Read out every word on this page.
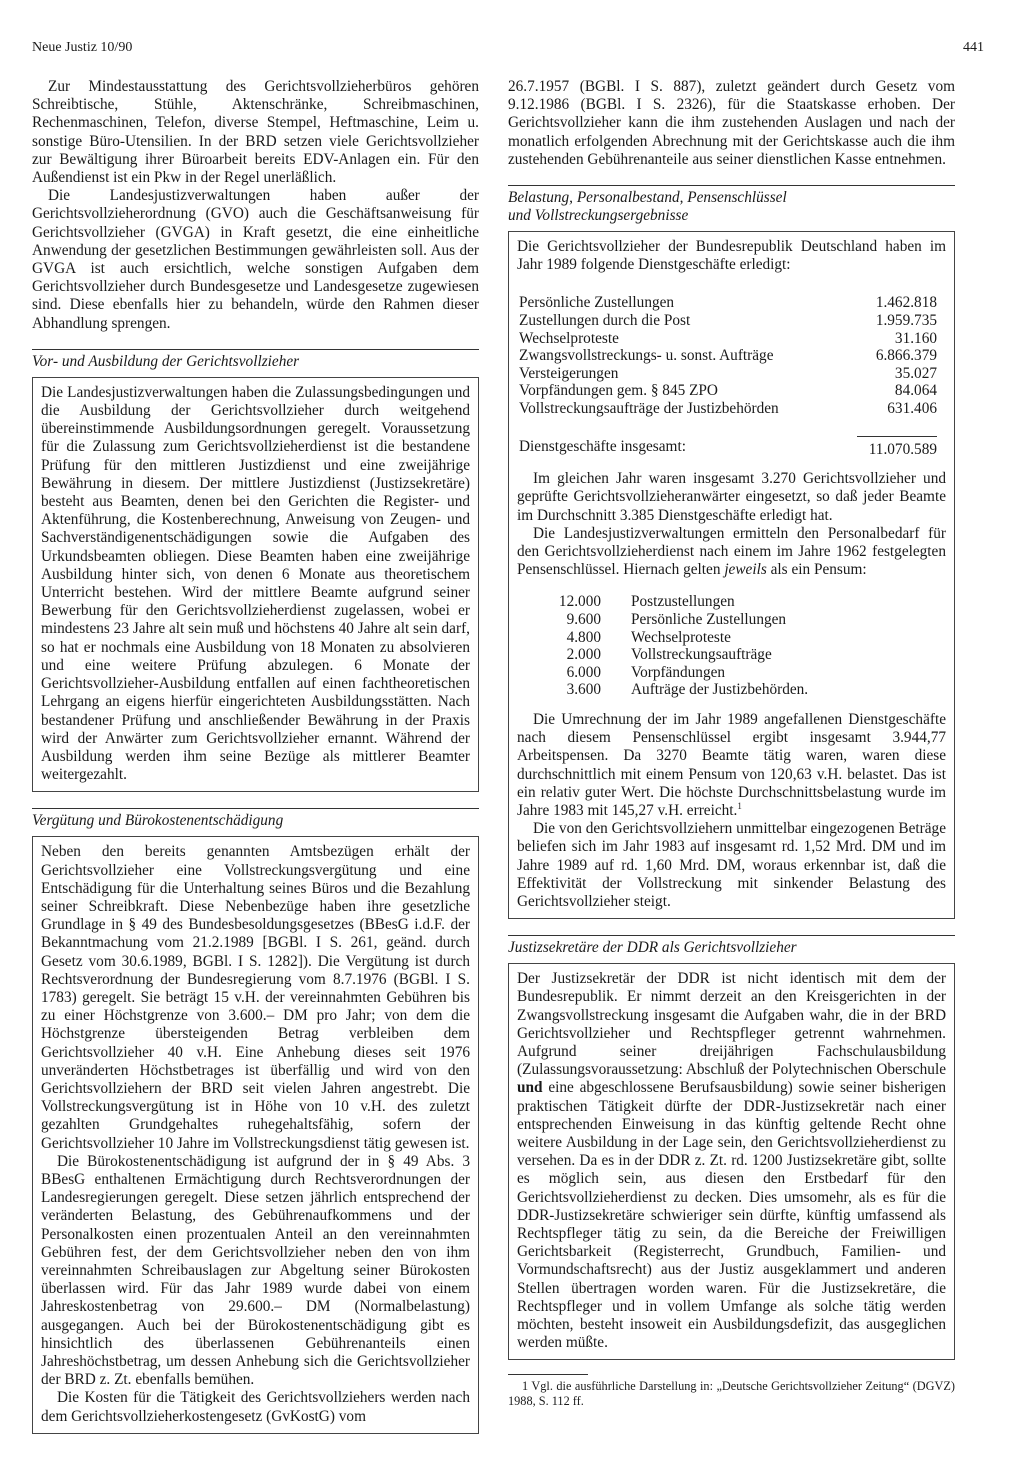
Neue Justiz 10/90	441

Zur Mindestausstattung des Gerichtsvollzieherbüros gehören Schreibtische, Stühle, Aktenschränke, Schreibmaschinen, Rechenmaschinen, Telefon, diverse Stempel, Heftmaschine, Leim u. sonstige Büro-Utensilien. In der BRD setzen viele Gerichtsvollzieher zur Bewältigung ihrer Büroarbeit bereits EDV-Anlagen ein. Für den Außendienst ist ein Pkw in der Regel unerläßlich.

Die Landesjustizverwaltungen haben außer der Gerichtsvollzieherordnung (GVO) auch die Geschäftsanweisung für Gerichtsvollzieher (GVGA) in Kraft gesetzt, die eine einheitliche Anwendung der gesetzlichen Bestimmungen gewährleisten soll. Aus der GVGA ist auch ersichtlich, welche sonstigen Aufgaben dem Gerichtsvollzieher durch Bundesgesetze und Landesgesetze zugewiesen sind. Diese ebenfalls hier zu behandeln, würde den Rahmen dieser Abhandlung sprengen.

Vor- und Ausbildung der Gerichtsvollzieher

Die Landesjustizverwaltungen haben die Zulassungsbedingungen und die Ausbildung der Gerichtsvollzieher durch weitgehend übereinstimmende Ausbildungsordnungen geregelt. Voraussetzung für die Zulassung zum Gerichtsvollzieherdienst ist die bestandene Prüfung für den mittleren Justizdienst und eine zweijährige Bewährung in diesem. Der mittlere Justizdienst (Justizsekretäre) besteht aus Beamten, denen bei den Gerichten die Register- und Aktenführung, die Kostenberechnung, Anweisung von Zeugen- und Sachverständigenentschädigungen sowie die Aufgaben des Urkundsbeamten obliegen. Diese Beamten haben eine zweijährige Ausbildung hinter sich, von denen 6 Monate aus theoretischem Unterricht bestehen. Wird der mittlere Beamte aufgrund seiner Bewerbung für den Gerichtsvollzieherdienst zugelassen, wobei er mindestens 23 Jahre alt sein muß und höchstens 40 Jahre alt sein darf, so hat er nochmals eine Ausbildung von 18 Monaten zu absolvieren und eine weitere Prüfung abzulegen. 6 Monate der Gerichtsvollzieher-Ausbildung entfallen auf einen fachtheoretischen Lehrgang an eigens hierfür eingerichteten Ausbildungsstätten. Nach bestandener Prüfung und anschließender Bewährung in der Praxis wird der Anwärter zum Gerichtsvollzieher ernannt. Während der Ausbildung werden ihm seine Bezüge als mittlerer Beamter weitergezahlt.

Vergütung und Bürokostenentschädigung

Neben den bereits genannten Amtsbezügen erhält der Gerichtsvollzieher eine Vollstreckungsvergütung und eine Entschädigung für die Unterhaltung seines Büros und die Bezahlung seiner Schreibkraft. Diese Nebenbezüge haben ihre gesetzliche Grundlage in § 49 des Bundesbesoldungsgesetzes (BBesG i.d.F. der Bekanntmachung vom 21.2.1989 [BGBl. I S. 261, geänd. durch Gesetz vom 30.6.1989, BGBl. I S. 1282]). Die Vergütung ist durch Rechtsverordnung der Bundesregierung vom 8.7.1976 (BGBl. I S. 1783) geregelt. Sie beträgt 15 v.H. der vereinnahmten Gebühren bis zu einer Höchstgrenze von 3.600.– DM pro Jahr; von dem die Höchstgrenze übersteigenden Betrag verbleiben dem Gerichtsvollzieher 40 v.H. Eine Anhebung dieses seit 1976 unveränderten Höchstbetrages ist überfällig und wird von den Gerichtsvollziehern der BRD seit vielen Jahren angestrebt. Die Vollstreckungsvergütung ist in Höhe von 10 v.H. des zuletzt gezahlten Grundgehaltes ruhegehaltsfähig, sofern der Gerichtsvollzieher 10 Jahre im Vollstreckungsdienst tätig gewesen ist.

Die Bürokostenentschädigung ist aufgrund der in § 49 Abs. 3 BBesG enthaltenen Ermächtigung durch Rechtsverordnungen der Landesregierungen geregelt. Diese setzen jährlich entsprechend der veränderten Belastung, des Gebührenaufkommens und der Personalkosten einen prozentualen Anteil an den vereinnahmten Gebühren fest, der dem Gerichtsvollzieher neben den von ihm vereinnahmten Schreibauslagen zur Abgeltung seiner Bürokosten überlassen wird. Für das Jahr 1989 wurde dabei von einem Jahreskostenbetrag von 29.600.– DM (Normalbelastung) ausgegangen. Auch bei der Bürokostenentschädigung gibt es hinsichtlich des überlassenen Gebührenanteils einen Jahreshöchstbetrag, um dessen Anhebung sich die Gerichtsvollzieher der BRD z. Zt. ebenfalls bemühen.

Die Kosten für die Tätigkeit des Gerichtsvollziehers werden nach dem Gerichtsvollzieherkostengesetz (GvKostG) vom

26.7.1957 (BGBl. I S. 887), zuletzt geändert durch Gesetz vom 9.12.1986 (BGBl. I S. 2326), für die Staatskasse erhoben. Der Gerichtsvollzieher kann die ihm zustehenden Auslagen und nach der monatlich erfolgenden Abrechnung mit der Gerichtskasse auch die ihm zustehenden Gebührenanteile aus seiner dienstlichen Kasse entnehmen.

Belastung, Personalbestand, Pensenschlüssel
und Vollstreckungsergebnisse

Die Gerichtsvollzieher der Bundesrepublik Deutschland haben im Jahr 1989 folgende Dienstgeschäfte erledigt:

Persönliche Zustellungen	1.462.818
Zustellungen durch die Post	1.959.735
Wechselproteste	31.160
Zwangsvollstreckungs- u. sonst. Aufträge	6.866.379
Versteigerungen	35.027
Vorpfändungen gem. § 845 ZPO	84.064
Vollstreckungsaufträge der Justizbehörden	631.406
Dienstgeschäfte insgesamt:	11.070.589

Im gleichen Jahr waren insgesamt 3.270 Gerichtsvollzieher und geprüfte Gerichtsvollzieheranwärter eingesetzt, so daß jeder Beamte im Durchschnitt 3.385 Dienstgeschäfte erledigt hat.

Die Landesjustizverwaltungen ermitteln den Personalbedarf für den Gerichtsvollzieherdienst nach einem im Jahre 1962 festgelegten Pensenschlüssel. Hiernach gelten jeweils als ein Pensum:

12.000	Postzustellungen
9.600	Persönliche Zustellungen
4.800	Wechselproteste
2.000	Vollstreckungsaufträge
6.000	Vorpfändungen
3.600	Aufträge der Justizbehörden.

Die Umrechnung der im Jahr 1989 angefallenen Dienstgeschäfte nach diesem Pensenschlüssel ergibt insgesamt 3.944,77 Arbeitspensen. Da 3270 Beamte tätig waren, waren diese durchschnittlich mit einem Pensum von 120,63 v.H. belastet. Das ist ein relativ guter Wert. Die höchste Durchschnittsbelastung wurde im Jahre 1983 mit 145,27 v.H. erreicht.$^1$

Die von den Gerichtsvollziehern unmittelbar eingezogenen Beträge beliefen sich im Jahr 1983 auf insgesamt rd. 1,52 Mrd. DM und im Jahre 1989 auf rd. 1,60 Mrd. DM, woraus erkennbar ist, daß die Effektivität der Vollstreckung mit sinkender Belastung des Gerichtsvollzieher steigt.

Justizsekretäre der DDR als Gerichtsvollzieher

Der Justizsekretär der DDR ist nicht identisch mit dem der Bundesrepublik. Er nimmt derzeit an den Kreisgerichten in der Zwangsvollstreckung insgesamt die Aufgaben wahr, die in der BRD Gerichtsvollzieher und Rechtspfleger getrennt wahrnehmen. Aufgrund seiner dreijährigen Fachschulausbildung (Zulassungsvoraussetzung: Abschluß der Polytechnischen Oberschule und eine abgeschlossene Berufsausbildung) sowie seiner bisherigen praktischen Tätigkeit dürfte der DDR-Justizsekretär nach einer entsprechenden Einweisung in das künftig geltende Recht ohne weitere Ausbildung in der Lage sein, den Gerichtsvollzieherdienst zu versehen. Da es in der DDR z. Zt. rd. 1200 Justizsekretäre gibt, sollte es möglich sein, aus diesen den Erstbedarf für den Gerichtsvollzieherdienst zu decken. Dies umsomehr, als es für die DDR-Justizsekretäre schwieriger sein dürfte, künftig umfassend als Rechtspfleger tätig zu sein, da die Bereiche der Freiwilligen Gerichtsbarkeit (Registerrecht, Grundbuch, Familien- und Vormundschaftsrecht) aus der Justiz ausgeklammert und anderen Stellen übertragen worden waren. Für die Justizsekretäre, die Rechtspfleger und in vollem Umfange als solche tätig werden möchten, besteht insoweit ein Ausbildungsdefizit, das ausgeglichen werden müßte.

1 Vgl. die ausführliche Darstellung in: „Deutsche Gerichtsvollzieher Zeitung“ (DGVZ) 1988, S. 112 ff.
